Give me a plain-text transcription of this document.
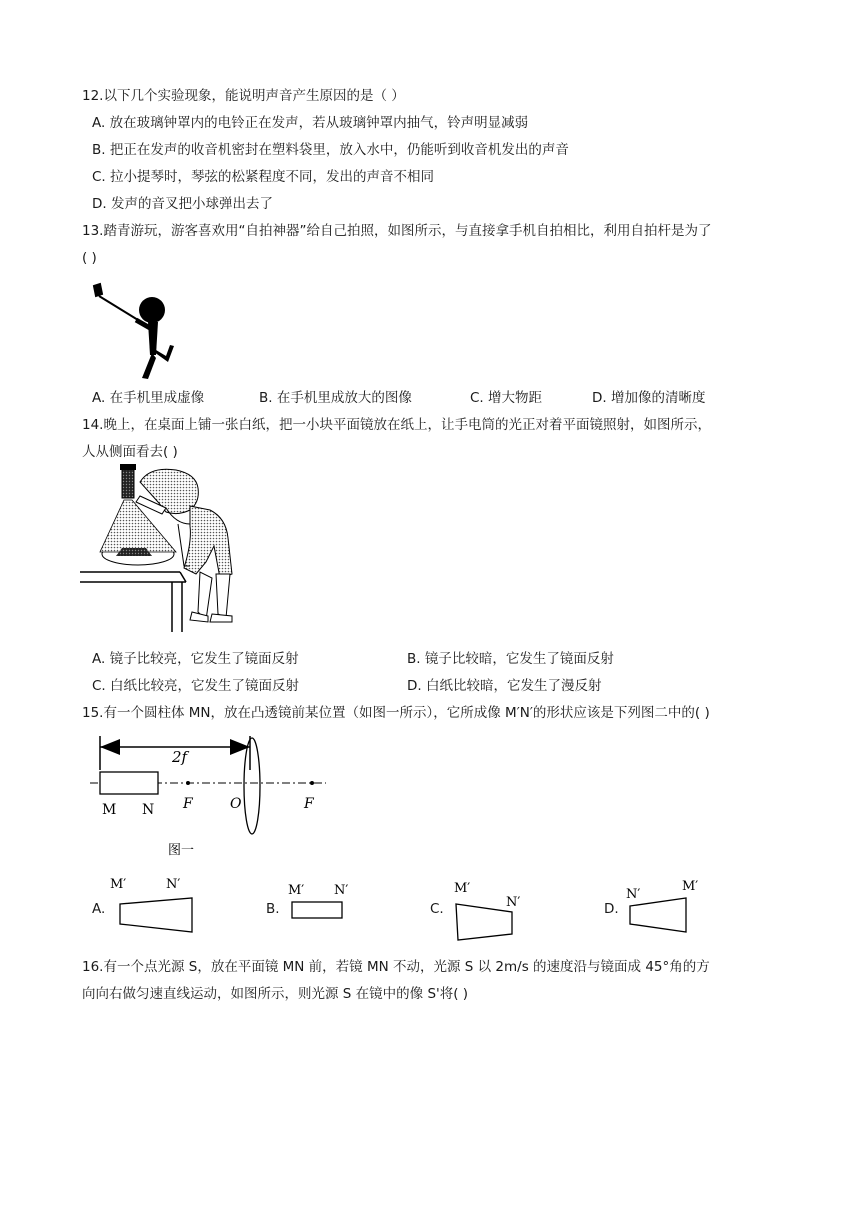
12.以下几个实验现象，能说明声音产生原因的是（ ）
A. 放在玻璃钟罩内的电铃正在发声，若从玻璃钟罩内抽气，铃声明显减弱
B. 把正在发声的收音机密封在塑料袋里，放入水中，仍能听到收音机发出的声音
C. 拉小提琴时，琴弦的松紧程度不同，发出的声音不相同
D. 发声的音叉把小球弹出去了
13.踏青游玩，游客喜欢用“自拍神器”给自己拍照，如图所示，与直接拿手机自拍相比，利用自拍杆是为了
( )
A. 在手机里成虚像	B. 在手机里成放大的图像	C. 增大物距	D. 增加像的清晰度
14.晚上，在桌面上铺一张白纸，把一小块平面镜放在纸上，让手电筒的光正对着平面镜照射，如图所示，
人从侧面看去( )
A. 镜子比较亮，它发生了镜面反射	B. 镜子比较暗，它发生了镜面反射
C. 白纸比较亮，它发生了镜面反射	D. 白纸比较暗，它发生了漫反射
15.有一个圆柱体 MN，放在凸透镜前某位置（如图一所示），它所成像 M′N′的形状应该是下列图二中的( )
2f
M N F	O	F
图一
A.
M′	N′
B.
M′ N′
C.
M′
N′	D.
N′
M′
16.有一个点光源 S，放在平面镜 MN 前，若镜 MN 不动，光源 S 以 2m/s 的速度沿与镜面成 45°角的方
向向右做匀速直线运动，如图所示，则光源 S 在镜中的像 S'将( )
